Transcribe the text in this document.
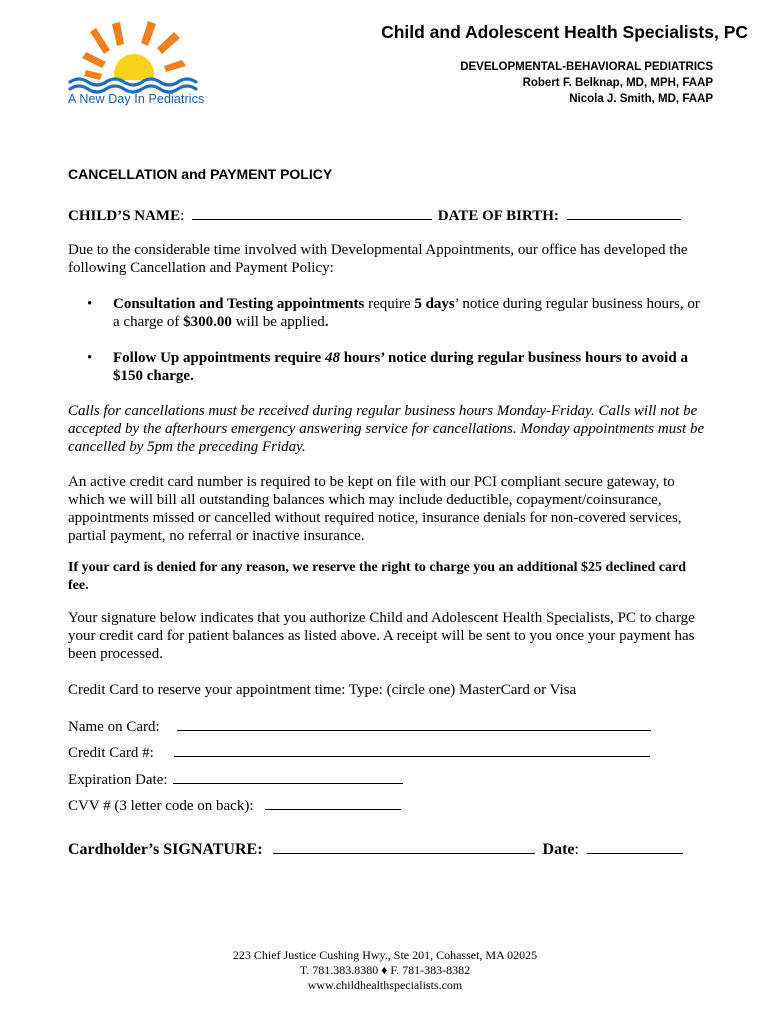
A New Day In Pediatrics
Child and Adolescent Health Specialists, PC
DEVELOPMENTAL-BEHAVIORAL PEDIATRICS
Robert F. Belknap, MD, MPH, FAAP
Nicola J. Smith, MD, FAAP
CANCELLATION and PAYMENT POLICY
CHILD’S NAME:	DATE OF BIRTH:

Due to the considerable time involved with Developmental Appointments, our office has developed the following Cancellation and Payment Policy:

• Consultation and Testing appointments require 5 days’ notice during regular business hours, or a charge of $300.00 will be applied.
• Follow Up appointments require 48 hours’ notice during regular business hours to avoid a $150 charge.

Calls for cancellations must be received during regular business hours Monday-Friday. Calls will not be accepted by the afterhours emergency answering service for cancellations. Monday appointments must be cancelled by 5pm the preceding Friday.

An active credit card number is required to be kept on file with our PCI compliant secure gateway, to which we will bill all outstanding balances which may include deductible, copayment/coinsurance, appointments missed or cancelled without required notice, insurance denials for non-covered services, partial payment, no referral or inactive insurance.

If your card is denied for any reason, we reserve the right to charge you an additional $25 declined card fee.

Your signature below indicates that you authorize Child and Adolescent Health Specialists, PC to charge your credit card for patient balances as listed above. A receipt will be sent to you once your payment has been processed.

Credit Card to reserve your appointment time: Type: (circle one) MasterCard or Visa
Name on Card:
Credit Card #:
Expiration Date:
CVV # (3 letter code on back):
Cardholder’s SIGNATURE:	Date:
223 Chief Justice Cushing Hwy., Ste 201, Cohasset, MA 02025
T. 781.383.8380 ♦ F. 781-383-8382
www.childhealthspecialists.com
